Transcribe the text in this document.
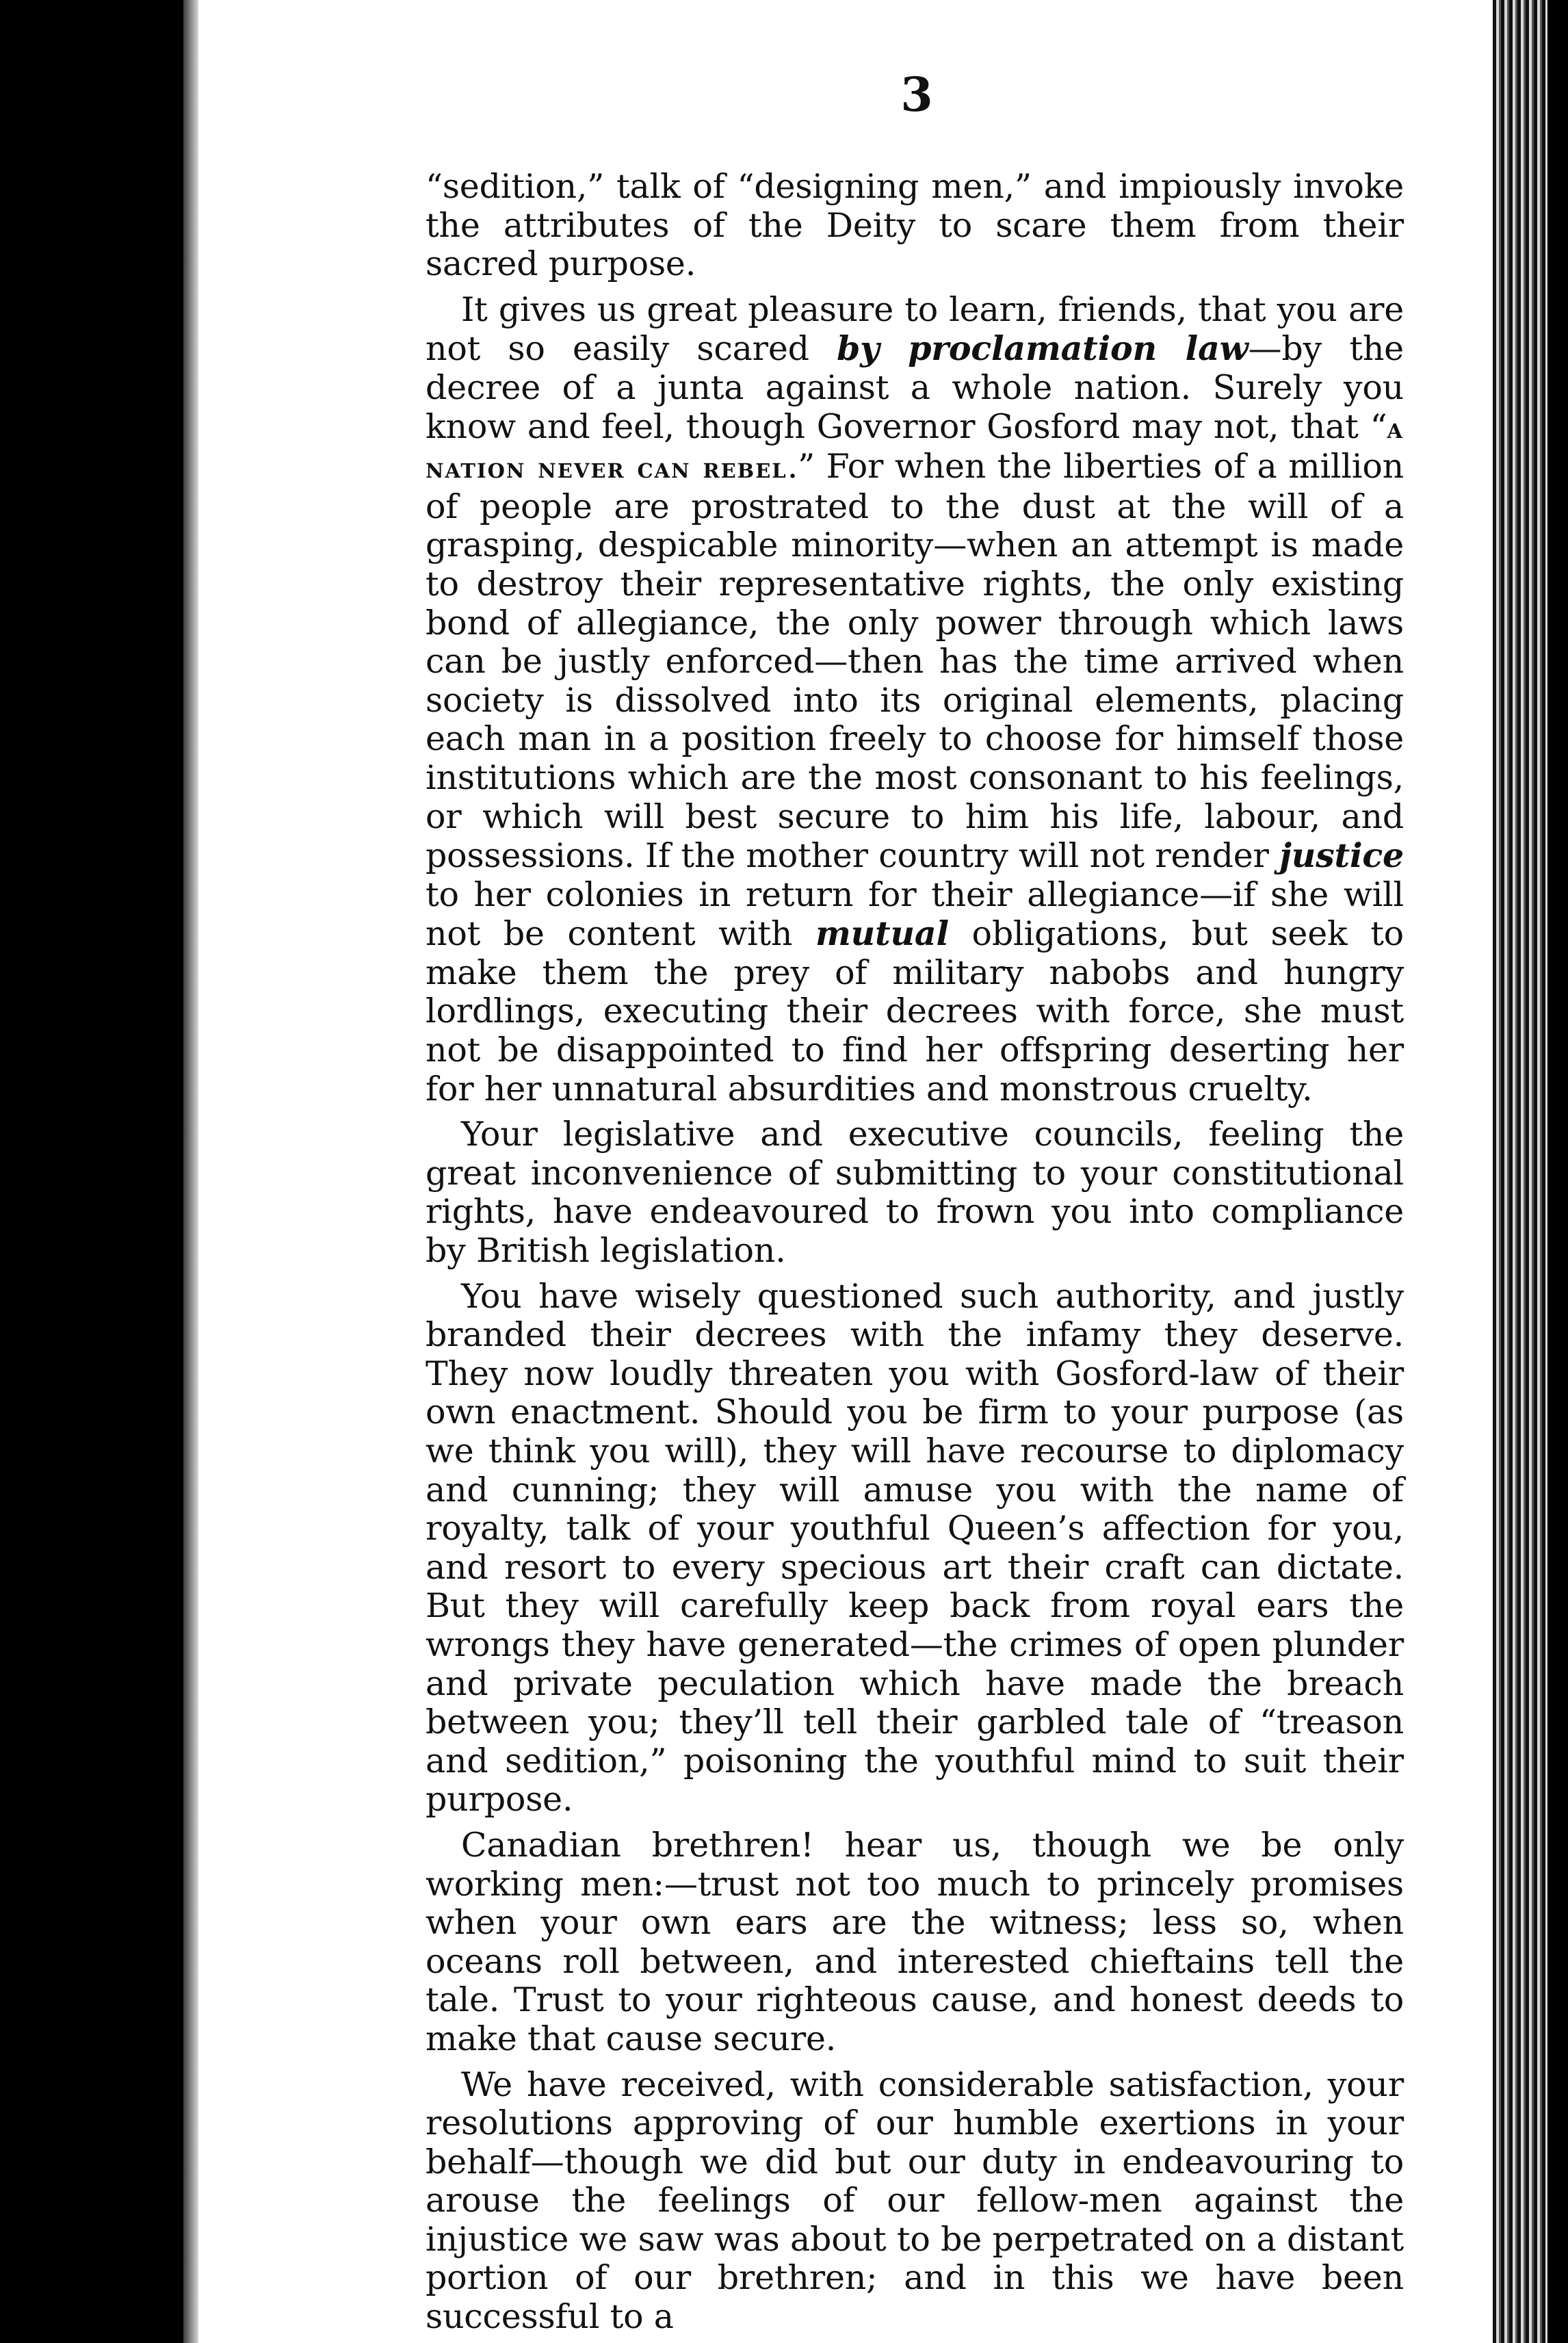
3

“sedition,” talk of “designing men,” and impiously invoke the attributes of the Deity to scare them from their sacred purpose.

It gives us great pleasure to learn, friends, that you are not so easily scared by proclamation law—by the decree of a junta against a whole nation. Surely you know and feel, though Governor Gosford may not, that “a nation never can rebel.” For when the liberties of a million of people are prostrated to the dust at the will of a grasping, despicable minority—when an attempt is made to destroy their representative rights, the only existing bond of allegiance, the only power through which laws can be justly enforced—then has the time arrived when society is dissolved into its original elements, placing each man in a position freely to choose for himself those institutions which are the most consonant to his feelings, or which will best secure to him his life, labour, and possessions. If the mother country will not render justice to her colonies in return for their allegiance—if she will not be content with mutual obligations, but seek to make them the prey of military nabobs and hungry lordlings, executing their decrees with force, she must not be disappointed to find her offspring deserting her for her unnatural absurdities and monstrous cruelty.

Your legislative and executive councils, feeling the great inconvenience of submitting to your constitutional rights, have endeavoured to frown you into compliance by British legislation.

You have wisely questioned such authority, and justly branded their decrees with the infamy they deserve. They now loudly threaten you with Gosford-law of their own enactment. Should you be firm to your purpose (as we think you will), they will have recourse to diplomacy and cunning; they will amuse you with the name of royalty, talk of your youthful Queen’s affection for you, and resort to every specious art their craft can dictate. But they will carefully keep back from royal ears the wrongs they have generated—the crimes of open plunder and private peculation which have made the breach between you; they’ll tell their garbled tale of “treason and sedition,” poisoning the youthful mind to suit their purpose.

Canadian brethren! hear us, though we be only working men:—trust not too much to princely promises when your own ears are the witness; less so, when oceans roll between, and interested chieftains tell the tale. Trust to your righteous cause, and honest deeds to make that cause secure.

We have received, with considerable satisfaction, your resolutions approving of our humble exertions in your behalf—though we did but our duty in endeavouring to arouse the feelings of our fellow-men against the injustice we saw was about to be perpetrated on a distant portion of our brethren; and in this we have been successful to a
